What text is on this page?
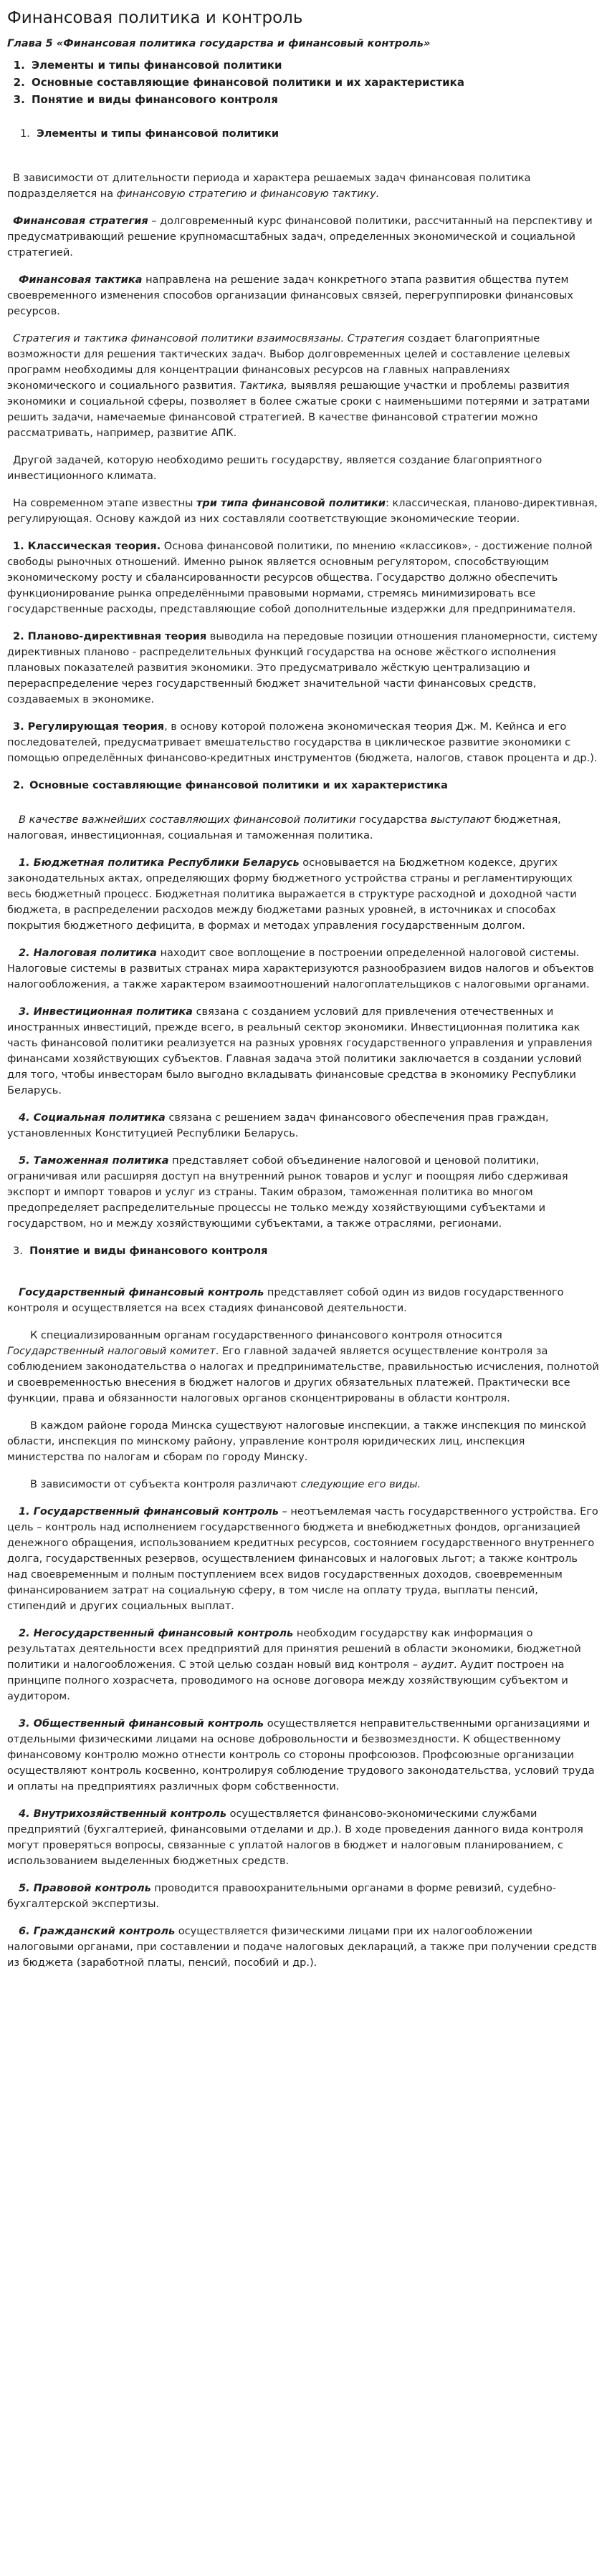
Финансовая политика и контроль
Глава 5 «Финансовая политика государства и финансовый контроль»
1. Элементы и типы финансовой политики
2. Основные составляющие финансовой политики и их характеристика
3. Понятие и виды финансового контроля
1. Элементы и типы финансовой политики

В зависимости от длительности периода и характера решаемых задач финансовая политика подразделяется на финансовую стратегию и финансовую тактику.

Финансовая стратегия – долговременный курс финансовой политики, рассчитанный на перспективу и предусматривающий решение крупномасштабных задач, определенных экономической и социальной стратегией.

Финансовая тактика направлена на решение задач конкретного этапа развития общества путем своевременного изменения способов организации финансовых связей, перегруппировки финансовых ресурсов.

Стратегия и тактика финансовой политики взаимосвязаны. Стратегия создает благоприятные возможности для решения тактических задач. Выбор долговременных целей и составление целевых программ необходимы для концентрации финансовых ресурсов на главных направлениях экономического и социального развития. Тактика, выявляя решающие участки и проблемы развития экономики и социальной сферы, позволяет в более сжатые сроки с наименьшими потерями и затратами решить задачи, намечаемые финансовой стратегией. В качестве финансовой стратегии можно рассматривать, например, развитие АПК.

Другой задачей, которую необходимо решить государству, является создание благоприятного инвестиционного климата.

На современном этапе известны три типа финансовой политики: классическая, планово-директивная, регулирующая. Основу каждой из них составляли соответствующие экономические теории.

1. Классическая теория. Основа финансовой политики, по мнению «классиков», - достижение полной свободы рыночных отношений. Именно рынок является основным регулятором, способствующим экономическому росту и сбалансированности ресурсов общества. Государство должно обеспечить функционирование рынка определёнными правовыми нормами, стремясь минимизировать все государственные расходы, представляющие собой дополнительные издержки для предпринимателя.

2. Планово-директивная теория выводила на передовые позиции отношения планомерности, систему директивных планово - распределительных функций государства на основе жёсткого исполнения плановых показателей развития экономики. Это предусматривало жёсткую централизацию и перераспределение через государственный бюджет значительной части финансовых средств, создаваемых в экономике.

3. Регулирующая теория, в основу которой положена экономическая теория Дж. М. Кейнса и его последователей, предусматривает вмешательство государства в циклическое развитие экономики с помощью определённых финансово-кредитных инструментов (бюджета, налогов, ставок процента и др.).

2. Основные составляющие финансовой политики и их характеристика

В качестве важнейших составляющих финансовой политики государства выступают бюджетная, налоговая, инвестиционная, социальная и таможенная политика.

1. Бюджетная политика Республики Беларусь основывается на Бюджетном кодексе, других законодательных актах, определяющих форму бюджетного устройства страны и регламентирующих весь бюджетный процесс. Бюджетная политика выражается в структуре расходной и доходной части бюджета, в распределении расходов между бюджетами разных уровней, в источниках и способах покрытия бюджетного дефицита, в формах и методах управления государственным долгом.

2. Налоговая политика находит свое воплощение в построении определенной налоговой системы. Налоговые системы в развитых странах мира характеризуются разнообразием видов налогов и объектов налогообложения, а также характером взаимоотношений налогоплательщиков с налоговыми органами.

3. Инвестиционная политика связана с созданием условий для привлечения отечественных и иностранных инвестиций, прежде всего, в реальный сектор экономики. Инвестиционная политика как часть финансовой политики реализуется на разных уровнях государственного управления и управления финансами хозяйствующих субъектов. Главная задача этой политики заключается в создании условий для того, чтобы инвесторам было выгодно вкладывать финансовые средства в экономику Республики Беларусь.

4. Социальная политика связана с решением задач финансового обеспечения прав граждан, установленных Конституцией Республики Беларусь.

5. Таможенная политика представляет собой объединение налоговой и ценовой политики, ограничивая или расширяя доступ на внутренний рынок товаров и услуг и поощряя либо сдерживая экспорт и импорт товаров и услуг из страны. Таким образом, таможенная политика во многом предопределяет распределительные процессы не только между хозяйствующими субъектами и государством, но и между хозяйствующими субъектами, а также отраслями, регионами.

3. Понятие и виды финансового контроля

Государственный финансовый контроль представляет собой один из видов государственного контроля и осуществляется на всех стадиях финансовой деятельности.

К специализированным органам государственного финансового контроля относится Государственный налоговый комитет. Его главной задачей является осуществление контроля за соблюдением законодательства о налогах и предпринимательстве, правильностью исчисления, полнотой и своевременностью внесения в бюджет налогов и других обязательных платежей. Практически все функции, права и обязанности налоговых органов сконцентрированы в области контроля.

В каждом районе города Минска существуют налоговые инспекции, а также инспекция по минской области, инспекция по минскому району, управление контроля юридических лиц, инспекция министерства по налогам и сборам по городу Минску.

В зависимости от субъекта контроля различают следующие его виды.

1. Государственный финансовый контроль – неотъемлемая часть государственного устройства. Его цель – контроль над исполнением государственного бюджета и внебюджетных фондов, организацией денежного обращения, использованием кредитных ресурсов, состоянием государственного внутреннего долга, государственных резервов, осуществлением финансовых и налоговых льгот; а также контроль над своевременным и полным поступлением всех видов государственных доходов, своевременным финансированием затрат на социальную сферу, в том числе на оплату труда, выплаты пенсий, стипендий и других социальных выплат.

2. Негосударственный финансовый контроль необходим государству как информация о результатах деятельности всех предприятий для принятия решений в области экономики, бюджетной политики и налогообложения. С этой целью создан новый вид контроля – аудит. Аудит построен на принципе полного хозрасчета, проводимого на основе договора между хозяйствующим субъектом и аудитором.

3. Общественный финансовый контроль осуществляется неправительственными организациями и отдельными физическими лицами на основе добровольности и безвозмездности. К общественному финансовому контролю можно отнести контроль со стороны профсоюзов. Профсоюзные организации осуществляют контроль косвенно, контролируя соблюдение трудового законодательства, условий труда и оплаты на предприятиях различных форм собственности.

4. Внутрихозяйственный контроль осуществляется финансово-экономическими службами предприятий (бухгалтерией, финансовыми отделами и др.). В ходе проведения данного вида контроля могут проверяться вопросы, связанные с уплатой налогов в бюджет и налоговым планированием, с использованием выделенных бюджетных средств.

5. Правовой контроль проводится правоохранительными органами в форме ревизий, судебно-бухгалтерской экспертизы.

6. Гражданский контроль осуществляется физическими лицами при их налогообложении налоговыми органами, при составлении и подаче налоговых деклараций, а также при получении средств из бюджета (заработной платы, пенсий, пособий и др.).
